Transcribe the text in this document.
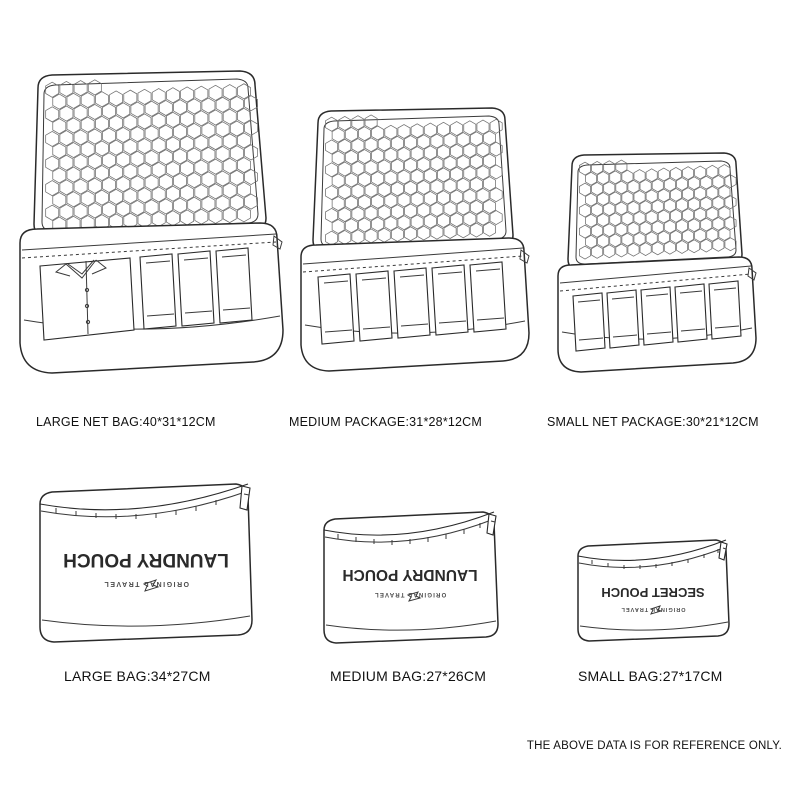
LARGE NET BAG:40*31*12CM	MEDIUM PACKAGE:31*28*12CM	SMALL NET PACKAGE:30*21*12CM
LAUNDRY POUCH
ORIGINAL TRAVEL
LARGE BAG:34*27CM
LAUNDRY POUCH
ORIGINAL TRAVEL
MEDIUM BAG:27*26CM
SECRET POUCH
ORIGINAL TRAVEL
SMALL BAG:27*17CM
THE ABOVE DATA IS FOR REFERENCE ONLY.
